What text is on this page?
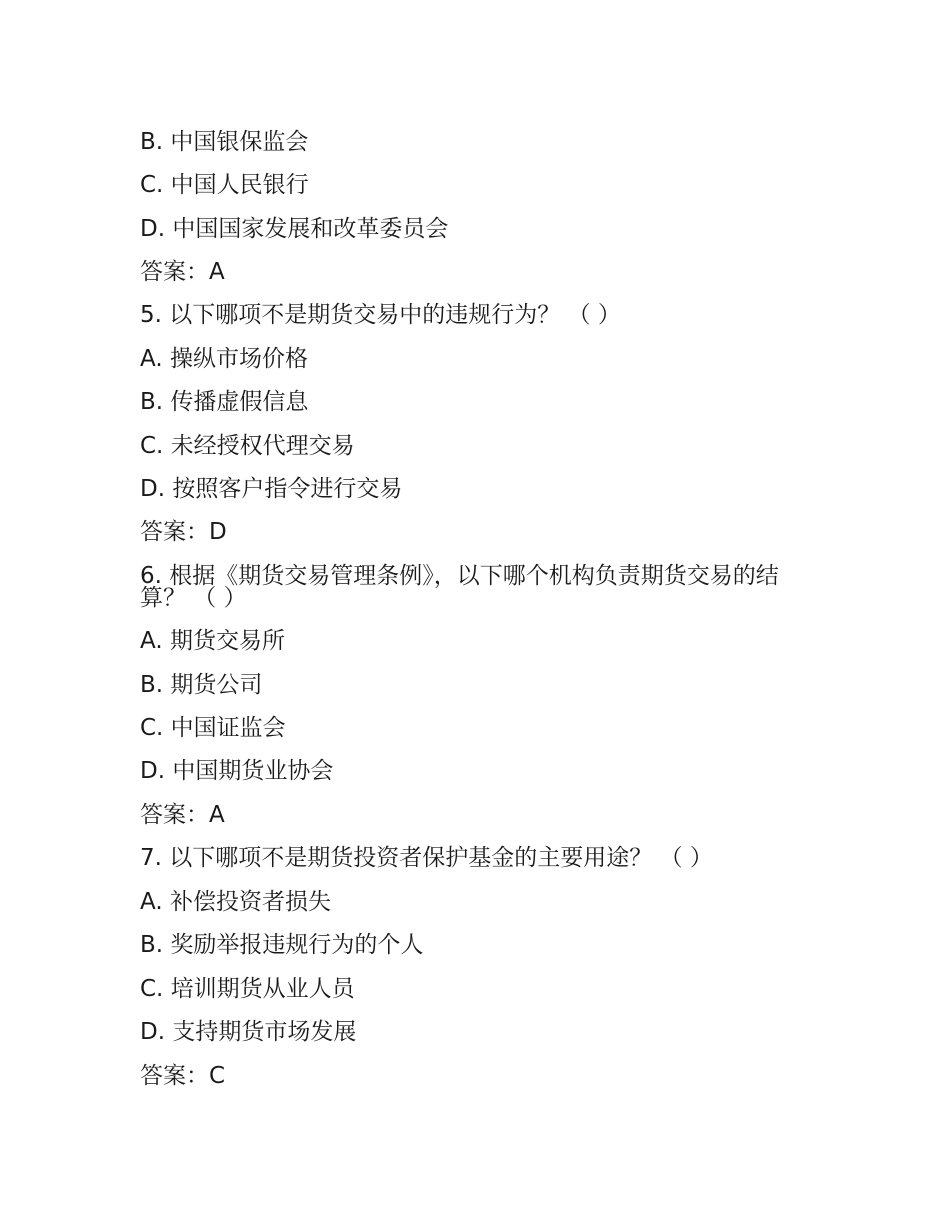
B. 中国银保监会
C. 中国人民银行
D. 中国国家发展和改革委员会
答案：A
5. 以下哪项不是期货交易中的违规行为？ （ ）
A. 操纵市场价格
B. 传播虚假信息
C. 未经授权代理交易
D. 按照客户指令进行交易
答案：D
6. 根据《期货交易管理条例》，以下哪个机构负责期货交易的结算？ （ ）
A. 期货交易所
B. 期货公司
C. 中国证监会
D. 中国期货业协会
答案：A
7. 以下哪项不是期货投资者保护基金的主要用途？ （ ）
A. 补偿投资者损失
B. 奖励举报违规行为的个人
C. 培训期货从业人员
D. 支持期货市场发展
答案：C
